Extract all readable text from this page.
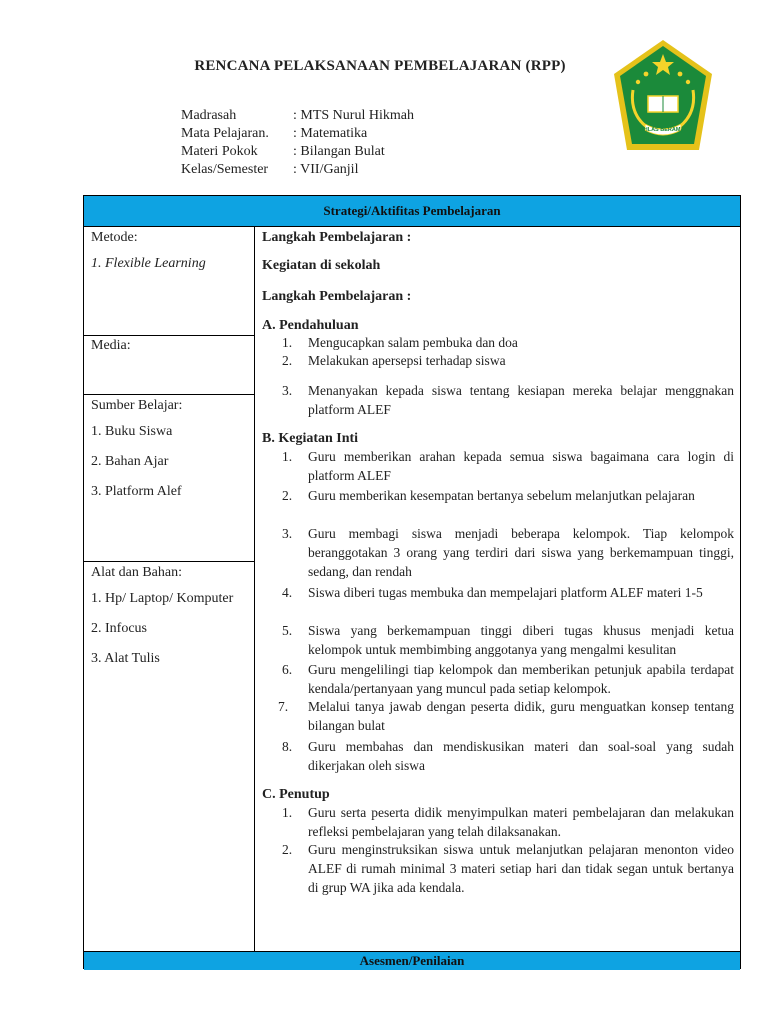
RENCANA PELAKSANAAN PEMBELAJARAN (RPP)
IKHLAS BERAMAL
Madrasah	: MTS Nurul Hikmah
Mata Pelajaran. : Matematika
Materi Pokok	: Bilangan Bulat
Kelas/Semester : VII/Ganjil
Strategi/Aktifitas Pembelajaran
Metode:
1. Flexible Learning
Media:
Sumber Belajar:
1. Buku Siswa
2. Bahan Ajar
3. Platform Alef
Alat dan Bahan:
1. Hp/ Laptop/ Komputer
2. Infocus
3. Alat Tulis
Langkah Pembelajaran :
Kegiatan di sekolah
Langkah Pembelajaran :
A. Pendahuluan
1.	Mengucapkan salam pembuka dan doa
2.	Melakukan apersepsi terhadap siswa
3.	Menanyakan kepada siswa tentang kesiapan mereka belajar menggnakan platform ALEF
B. Kegiatan Inti
1.	Guru memberikan arahan kepada semua siswa bagaimana cara login di platform ALEF
2.	Guru memberikan kesempatan bertanya sebelum melanjutkan pelajaran
3.	Guru membagi siswa menjadi beberapa kelompok. Tiap kelompok beranggotakan 3 orang yang terdiri dari siswa yang berkemampuan tinggi, sedang, dan rendah
4.	Siswa diberi tugas membuka dan mempelajari platform ALEF materi 1-5
5.	Siswa yang berkemampuan tinggi diberi tugas khusus menjadi ketua kelompok untuk membimbing anggotanya yang mengalmi kesulitan
6.	Guru mengelilingi tiap kelompok dan memberikan petunjuk apabila terdapat kendala/pertanyaan yang muncul pada setiap kelompok.
7.	Melalui tanya jawab dengan peserta didik, guru menguatkan konsep tentang bilangan bulat
8.	Guru membahas dan mendiskusikan materi dan soal-soal yang sudah dikerjakan oleh siswa
C. Penutup
1.	Guru serta peserta didik menyimpulkan materi pembelajaran dan melakukan refleksi pembelajaran yang telah dilaksanakan.
2.	Guru menginstruksikan siswa untuk melanjutkan pelajaran menonton video ALEF di rumah minimal 3 materi setiap hari dan tidak segan untuk bertanya di grup WA jika ada kendala.
Asesmen/Penilaian
